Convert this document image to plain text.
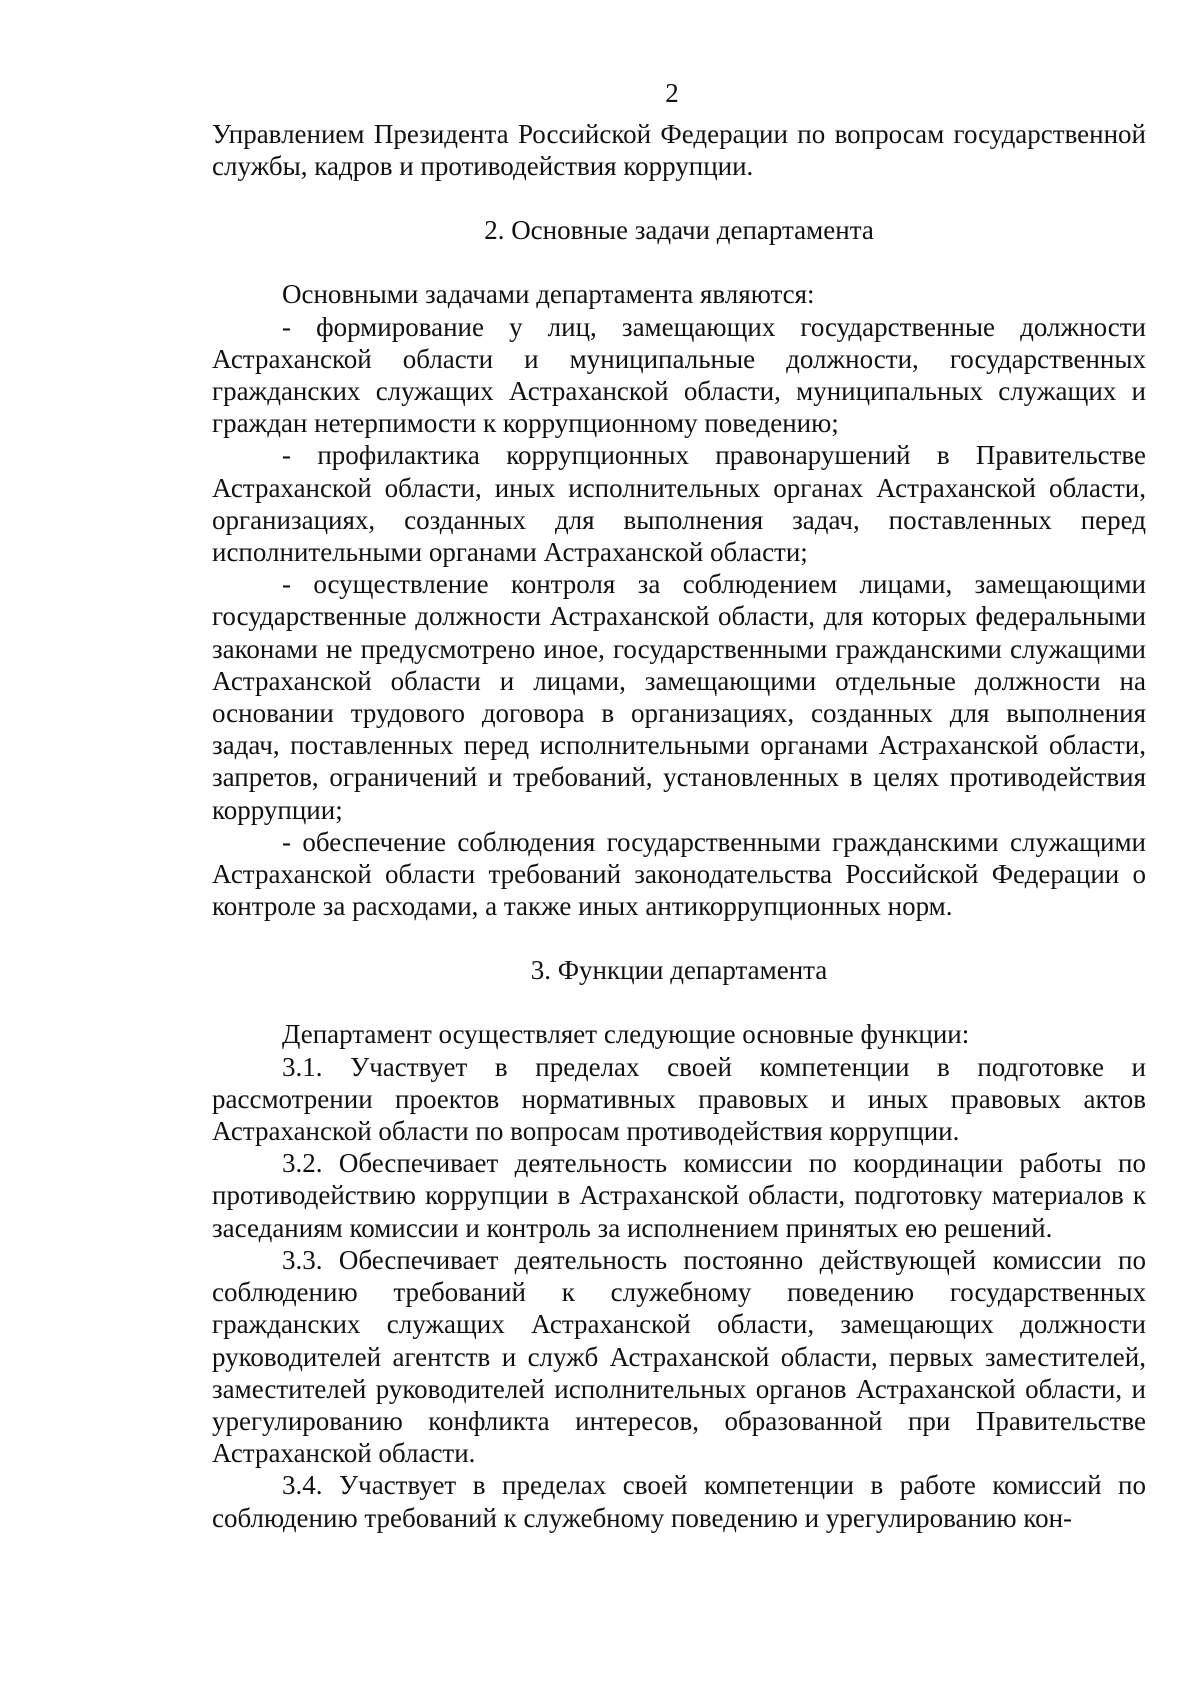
2

Управлением Президента Российской Федерации по вопросам государственной службы, кадров и противодействия коррупции.

2. Основные задачи департамента

Основными задачами департамента являются:

- формирование у лиц, замещающих государственные должности Астраханской области и муниципальные должности, государственных гражданских служащих Астраханской области, муниципальных служащих и граждан нетерпимости к коррупционному поведению;

- профилактика коррупционных правонарушений в Правительстве Астраханской области, иных исполнительных органах Астраханской области, организациях, созданных для выполнения задач, поставленных перед исполнительными органами Астраханской области;

- осуществление контроля за соблюдением лицами, замещающими государственные должности Астраханской области, для которых федеральными законами не предусмотрено иное, государственными гражданскими служащими Астраханской области и лицами, замещающими отдельные должности на основании трудового договора в организациях, созданных для выполнения задач, поставленных перед исполнительными органами Астраханской области, запретов, ограничений и требований, установленных в целях противодействия коррупции;

- обеспечение соблюдения государственными гражданскими служащими Астраханской области требований законодательства Российской Федерации о контроле за расходами, а также иных антикоррупционных норм.

3. Функции департамента

Департамент осуществляет следующие основные функции:

3.1. Участвует в пределах своей компетенции в подготовке и рассмотрении проектов нормативных правовых и иных правовых актов Астраханской области по вопросам противодействия коррупции.

3.2. Обеспечивает деятельность комиссии по координации работы по противодействию коррупции в Астраханской области, подготовку материалов к заседаниям комиссии и контроль за исполнением принятых ею решений.

3.3. Обеспечивает деятельность постоянно действующей комиссии по соблюдению требований к служебному поведению государственных гражданских служащих Астраханской области, замещающих должности руководителей агентств и служб Астраханской области, первых заместителей, заместителей руководителей исполнительных органов Астраханской области, и урегулированию конфликта интересов, образованной при Правительстве Астраханской области.

3.4. Участвует в пределах своей компетенции в работе комиссий по соблюдению требований к служебному поведению и урегулированию кон-
